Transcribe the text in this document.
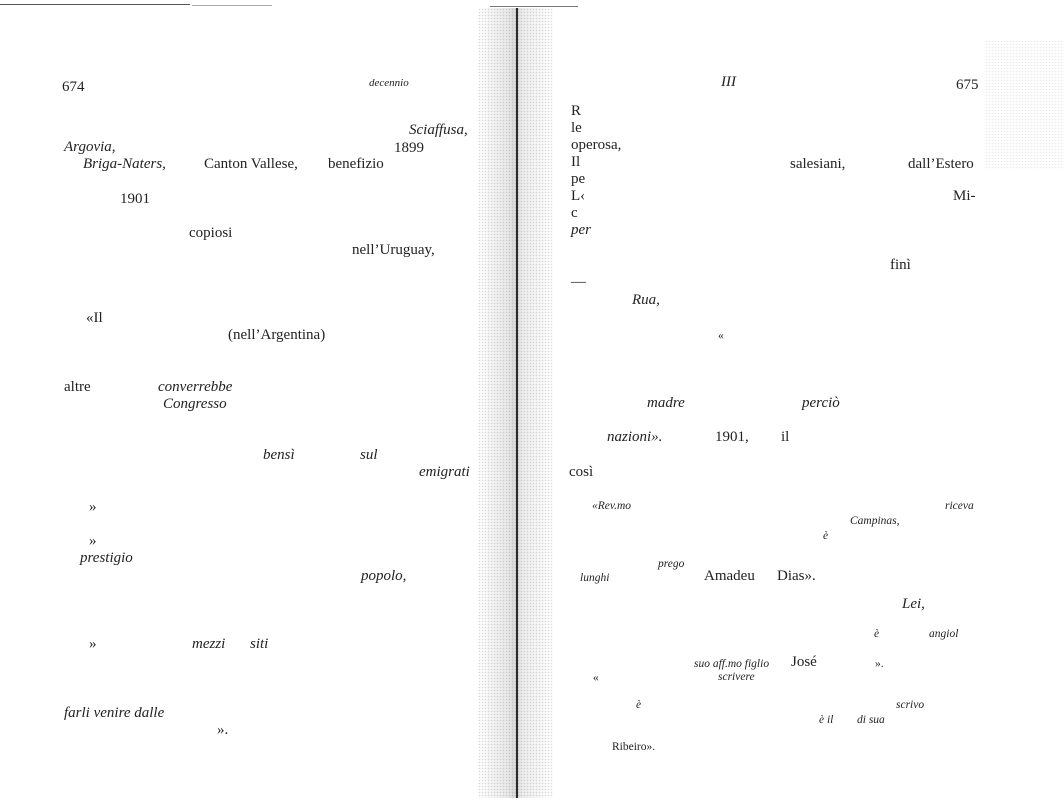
674	decennio
Sciaffusa,
Argovia,	1899
Briga-Naters,	Canton Vallese, benefizio
1901
copiosi
nell’Uruguay,
«Il
(nell’Argentina)
altre	converrebbe
Congresso
bensì	sul
emigrati
»
»
prestigio
popolo,
»	mezzi siti
farli venire dalle
».
III	675
R
le
operosa,
Il	salesiani,	dall’Estero
pe
L‹	Mi-
c
per
finì
—
Rua,
«
madre	perciò
nazioni».	1901, il
così
«Rev.mo	riceva
Campinas,
è
prego
lunghi	Amadeu Dias».
Lei,
è	angiol
suo aff.mo figlio José	».
«	scrivere
è	scrivo
è il di sua
Ribeiro».
